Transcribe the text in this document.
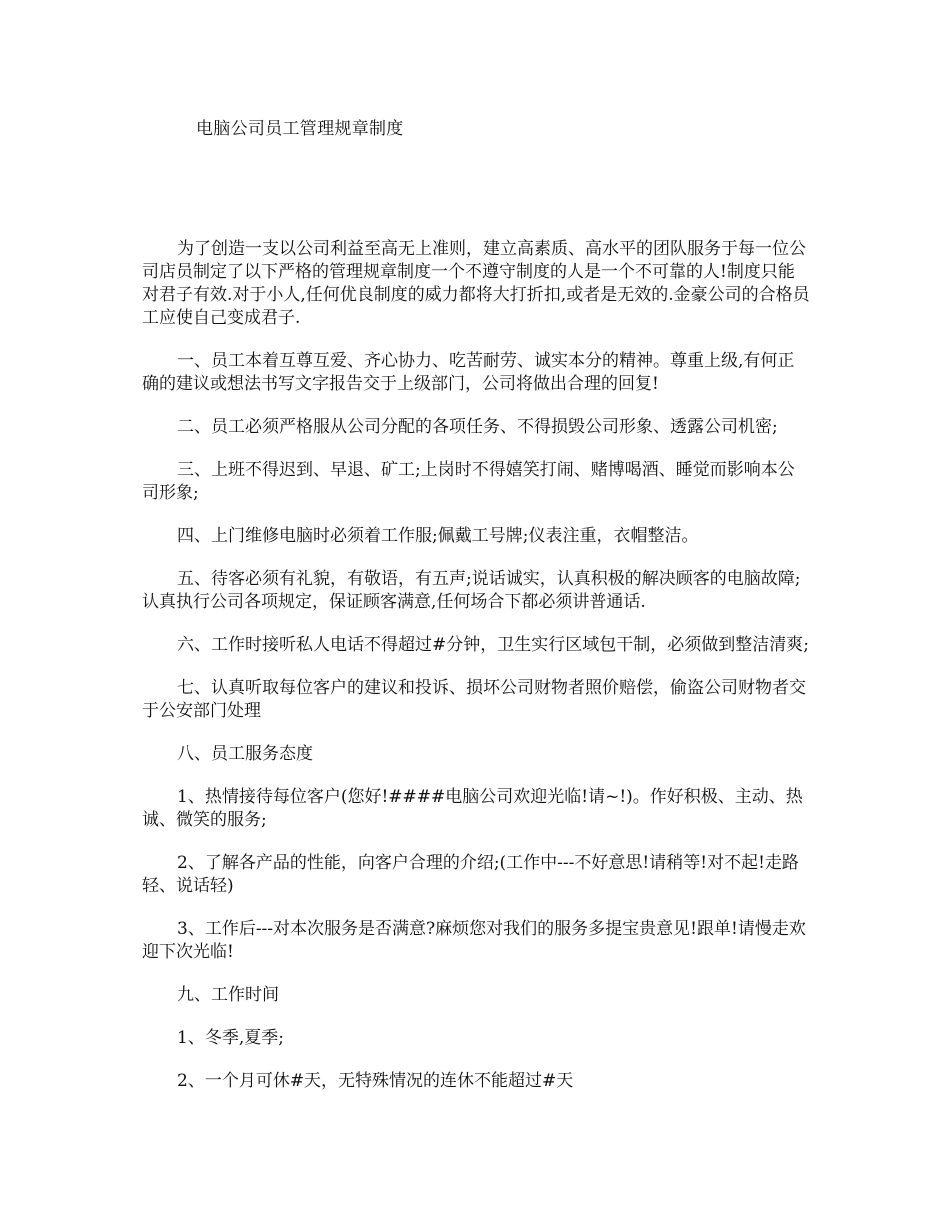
电脑公司员工管理规章制度

为了创造一支以公司利益至高无上准则，建立高素质、高水平的团队服务于每一位公司店员制定了以下严格的管理规章制度一个不遵守制度的人是一个不可靠的人!制度只能对君子有效.对于小人,任何优良制度的威力都将大打折扣,或者是无效的.金豪公司的合格员工应使自己变成君子.

一、员工本着互尊互爱、齐心协力、吃苦耐劳、诚实本分的精神。尊重上级,有何正确的建议或想法书写文字报告交于上级部门，公司将做出合理的回复!

二、员工必须严格服从公司分配的各项任务、不得损毁公司形象、透露公司机密;

三、上班不得迟到、早退、矿工;上岗时不得嬉笑打闹、赌博喝酒、睡觉而影响本公司形象;

四、上门维修电脑时必须着工作服;佩戴工号牌;仪表注重，衣帽整洁。

五、待客必须有礼貌，有敬语，有五声;说话诚实，认真积极的解决顾客的电脑故障;认真执行公司各项规定，保证顾客满意,任何场合下都必须讲普通话.

六、工作时接听私人电话不得超过#分钟，卫生实行区域包干制，必须做到整洁清爽;

七、认真听取每位客户的建议和投诉、损坏公司财物者照价赔偿，偷盗公司财物者交于公安部门处理

八、员工服务态度

1、热情接待每位客户(您好!####电脑公司欢迎光临!请~!)。作好积极、主动、热诚、微笑的服务;

2、了解各产品的性能，向客户合理的介绍;(工作中---不好意思!请稍等!对不起!走路轻、说话轻)

3、工作后---对本次服务是否满意?麻烦您对我们的服务多提宝贵意见!跟单!请慢走欢迎下次光临!

九、工作时间

1、冬季,夏季;

2、一个月可休#天，无特殊情况的连休不能超过#天
